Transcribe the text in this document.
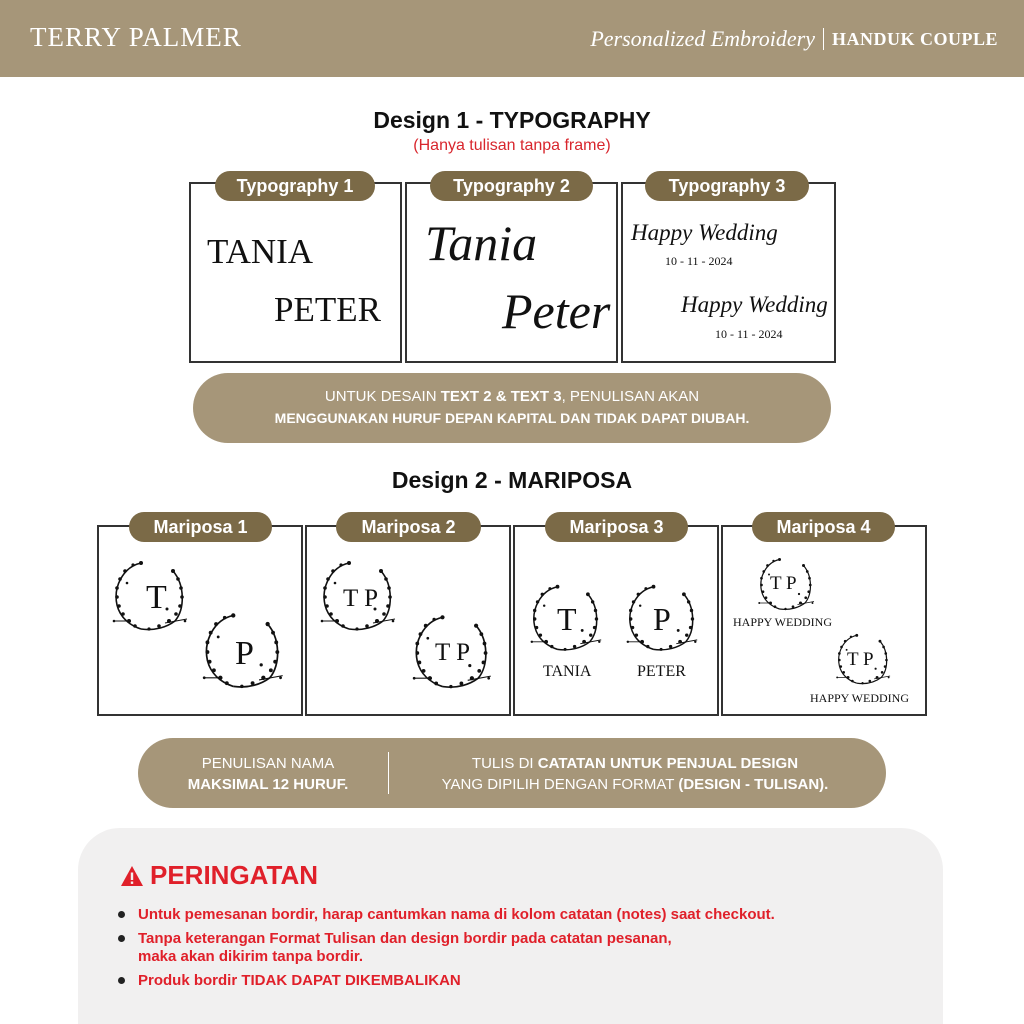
TERRY PALMER	Personalized Embroidery HANDUK COUPLE
Design 1 - TYPOGRAPHY
(Hanya tulisan tanpa frame)
TANIA
PETER
Typography 1
Tania
Peter
Typography 2
Happy Wedding
10 - 11 - 2024
Happy Wedding
10 - 11 - 2024
Typography 3
UNTUK DESAIN TEXT 2 & TEXT 3, PENULISAN AKAN
MENGGUNAKAN HURUF DEPAN KAPITAL DAN TIDAK DAPAT DIUBAH.
Design 2 - MARIPOSA
T
P
Mariposa 1
T P
T P
Mariposa 2
T P
TANIA	PETER
Mariposa 3
T P
HAPPY WEDDING
T P
HAPPY WEDDING
Mariposa 4
PENULISAN NAMA
MAKSIMAL 12 HURUF.
TULIS DI CATATAN UNTUK PENJUAL DESIGN
YANG DIPILIH DENGAN FORMAT (DESIGN - TULISAN).
PERINGATAN
Untuk pemesanan bordir, harap cantumkan nama di kolom catatan (notes) saat checkout.
Tanpa keterangan Format Tulisan dan design bordir pada catatan pesanan,
maka akan dikirim tanpa bordir.
Produk bordir TIDAK DAPAT DIKEMBALIKAN
